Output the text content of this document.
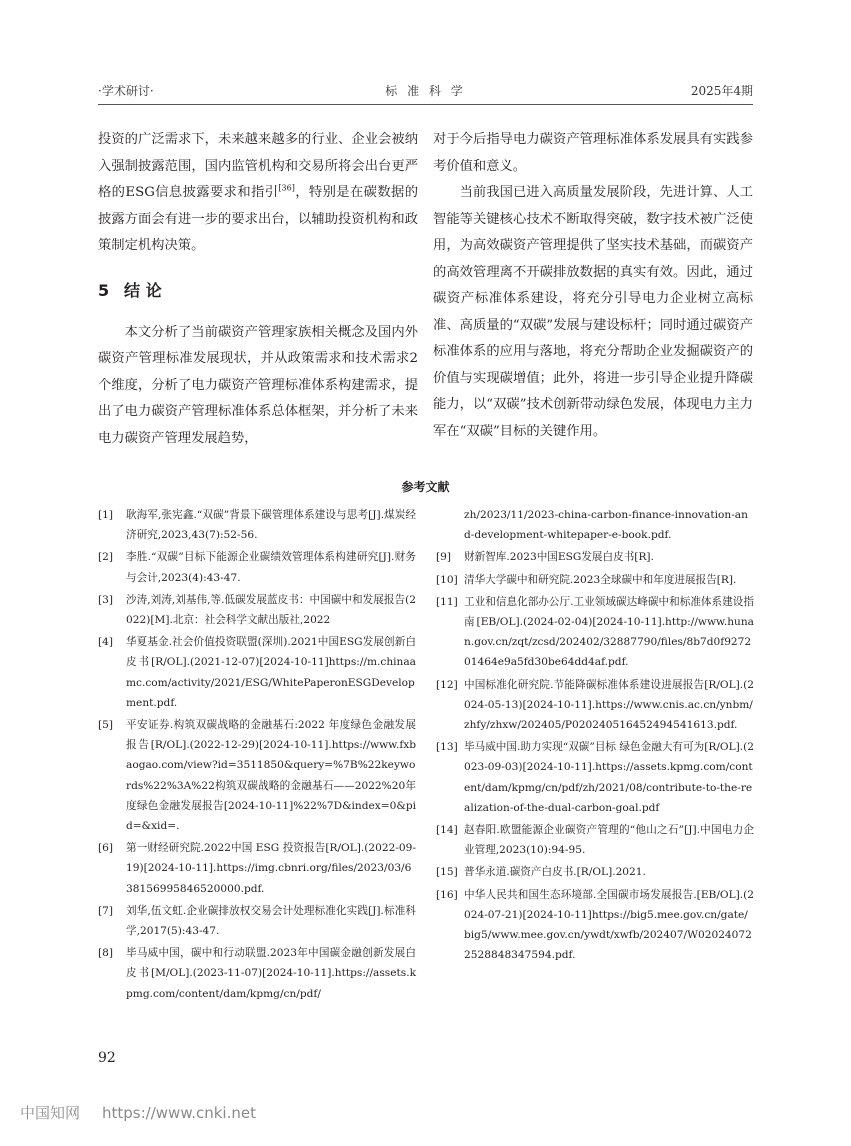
·学术研讨·	标 准 科 学	2025年4期

投资的广泛需求下，未来越来越多的行业、企业会被纳入强制披露范围，国内监管机构和交易所将会出台更严格的ESG信息披露要求和指引[36]，特别是在碳数据的披露方面会有进一步的要求出台，以辅助投资机构和政策制定机构决策。

5 结 论

本文分析了当前碳资产管理家族相关概念及国内外碳资产管理标准发展现状，并从政策需求和技术需求2个维度，分析了电力碳资产管理标准体系构建需求，提出了电力碳资产管理标准体系总体框架，并分析了未来电力碳资产管理发展趋势，

对于今后指导电力碳资产管理标准体系发展具有实践参考价值和意义。

当前我国已进入高质量发展阶段，先进计算、人工智能等关键核心技术不断取得突破，数字技术被广泛使用，为高效碳资产管理提供了坚实技术基础，而碳资产的高效管理离不开碳排放数据的真实有效。因此，通过碳资产标准体系建设，将充分引导电力企业树立高标准、高质量的“双碳”发展与建设标杆；同时通过碳资产标准体系的应用与落地，将充分帮助企业发掘碳资产的价值与实现碳增值；此外，将进一步引导企业提升降碳能力，以“双碳”技术创新带动绿色发展，体现电力主力军在“双碳”目标的关键作用。

参考文献
[1]	耿海军,张宪鑫.“双碳”背景下碳管理体系建设与思考[J].煤炭经济研究,2023,43(7):52-56.
[2]	李胜.“双碳”目标下能源企业碳绩效管理体系构建研究[J].财务与会计,2023(4):43-47.
[3]	沙涛,刘涛,刘基伟,等.低碳发展蓝皮书：中国碳中和发展报告(2022)[M].北京：社会科学文献出版社,2022
[4]	华夏基金.社会价值投资联盟(深圳).2021中国ESG发展创新白皮书[R/OL].(2021-12-07)[2024-10-11]https://m.chinaamc.com/activity/2021/ESG/WhitePaperonESGDevelopment.pdf.
[5]	平安证券.构筑双碳战略的金融基石:2022 年度绿色金融发展报告[R/OL].(2022-12-29)[2024-10-11].https://www.fxbaogao.com/view?id=3511850&query=%7B%22keywords%22%3A%22构筑双碳战略的金融基石——2022%20年度绿色金融发展报告[2024-10-11]%22%7D&index=0&pid=&xid=.
[6]	第一财经研究院.2022中国 ESG 投资报告[R/OL].(2022-09-19)[2024-10-11].https://img.cbnri.org/files/2023/03/638156995846520000.pdf.
[7]	刘华,伍文虹.企业碳排放权交易会计处理标准化实践[J].标准科学,2017(5):43-47.
[8]	毕马威中国，碳中和行动联盟.2023年中国碳金融创新发展白皮书[M/OL].(2023-11-07)[2024-10-11].https://assets.kpmg.com/content/dam/kpmg/cn/pdf/
zh/2023/11/2023-china-carbon-finance-innovation-and-development-whitepaper-e-book.pdf.
[9]	财新智库.2023中国ESG发展白皮书[R].
[10] 清华大学碳中和研究院.2023全球碳中和年度进展报告[R].
[11] 工业和信息化部办公厅.工业领域碳达峰碳中和标准体系建设指南[EB/OL].(2024-02-04)[2024-10-11].http://www.hunan.gov.cn/zqt/zcsd/202402/32887790/files/8b7d0f927201464e9a5fd30be64dd4af.pdf.
[12] 中国标准化研究院.节能降碳标准体系建设进展报告[R/OL].(2024-05-13)[2024-10-11].https://www.cnis.ac.cn/ynbm/zhfy/zhxw/202405/P020240516452494541613.pdf.
[13] 毕马威中国.助力实现“双碳”目标 绿色金融大有可为[R/OL].(2023-09-03)[2024-10-11].https://assets.kpmg.com/content/dam/kpmg/cn/pdf/zh/2021/08/contribute-to-the-realization-of-the-dual-carbon-goal.pdf
[14] 赵春阳.欧盟能源企业碳资产管理的“他山之石”[J].中国电力企业管理,2023(10):94-95.
[15] 普华永道.碳资产白皮书.[R/OL].2021.
[16] 中华人民共和国生态环境部.全国碳市场发展报告.[EB/OL].(2024-07-21)[2024-10-11]https://big5.mee.gov.cn/gate/big5/www.mee.gov.cn/ywdt/xwfb/202407/W020240722528848347594.pdf.
92
中国知网 https://www.cnki.net
